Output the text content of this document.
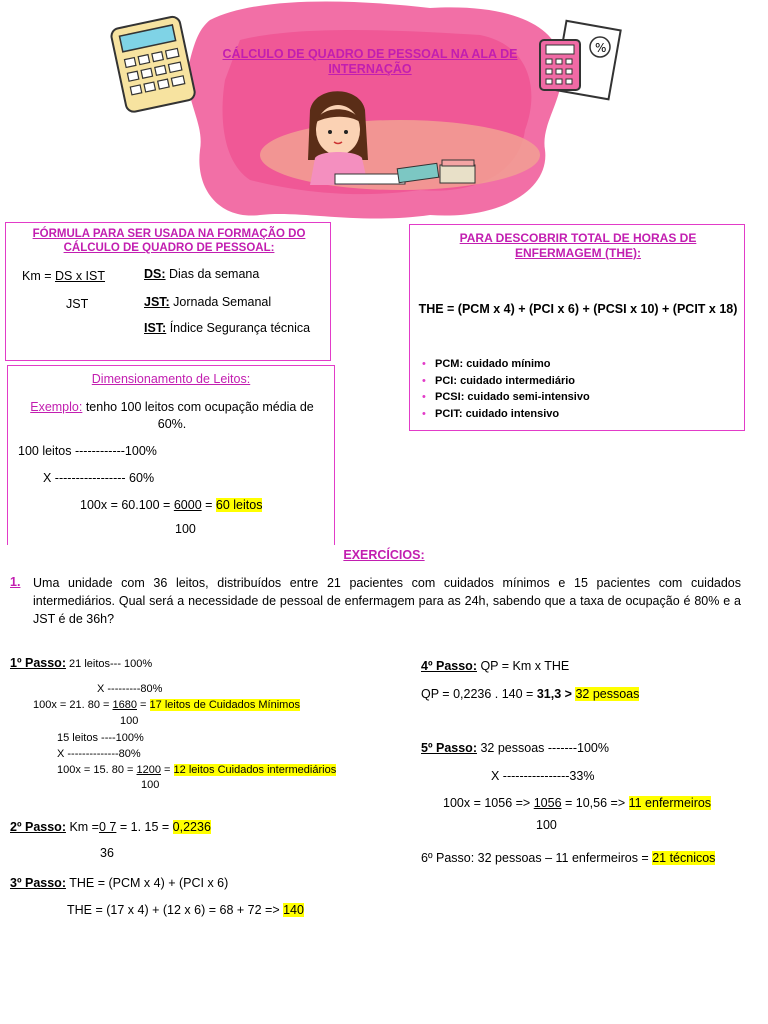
%
CÁLCULO DE QUADRO DE PESSOAL NA ALA DE INTERNAÇÃO
FÓRMULA PARA SER USADA NA FORMAÇÃO DO CÁLCULO DE QUADRO DE PESSOAL:
Km = DS x IST
JST
DS: Dias da semana
JST: Jornada Semanal
IST: Índice Segurança técnica
PARA DESCOBRIR TOTAL DE HORAS DE ENFERMAGEM (THE):
THE = (PCM x 4) + (PCI x 6) + (PCSI x 10) + (PCIT x 18)
• PCM: cuidado mínimo
• PCI: cuidado intermediário
• PCSI: cuidado semi-intensivo
• PCIT: cuidado intensivo
Dimensionamento de Leitos:
Exemplo: tenho 100 leitos com ocupação média de 60%.
100 leitos ------------100%
X ----------------- 60%
100x = 60.100 = 6000 = 60 leitos
100
EXERCÍCIOS:
1. Uma unidade com 36 leitos, distribuídos entre 21 pacientes com cuidados mínimos e 15 pacientes com cuidados intermediários. Qual será a necessidade de pessoal de enfermagem para as 24h, sabendo que a taxa de ocupação é 80% e a JST é de 36h?
1º Passo: 21 leitos--- 100%
X ---------80%
100x = 21. 80 = 1680 = 17 leitos de Cuidados Mínimos
100
15 leitos ----100%
X --------------80%
100x = 15. 80 = 1200 = 12 leitos Cuidados intermediários
100
2º Passo: Km =0 7 = 1. 15 = 0,2236
36
3º Passo: THE = (PCM x 4) + (PCI x 6)
THE = (17 x 4) + (12 x 6) = 68 + 72 => 140
4º Passo: QP = Km x THE
QP = 0,2236 . 140 = 31,3 > 32 pessoas
5º Passo: 32 pessoas -------100%
X ----------------33%
100x = 1056 => 1056 = 10,56 => 11 enfermeiros
100
6º Passo: 32 pessoas – 11 enfermeiros = 21 técnicos
